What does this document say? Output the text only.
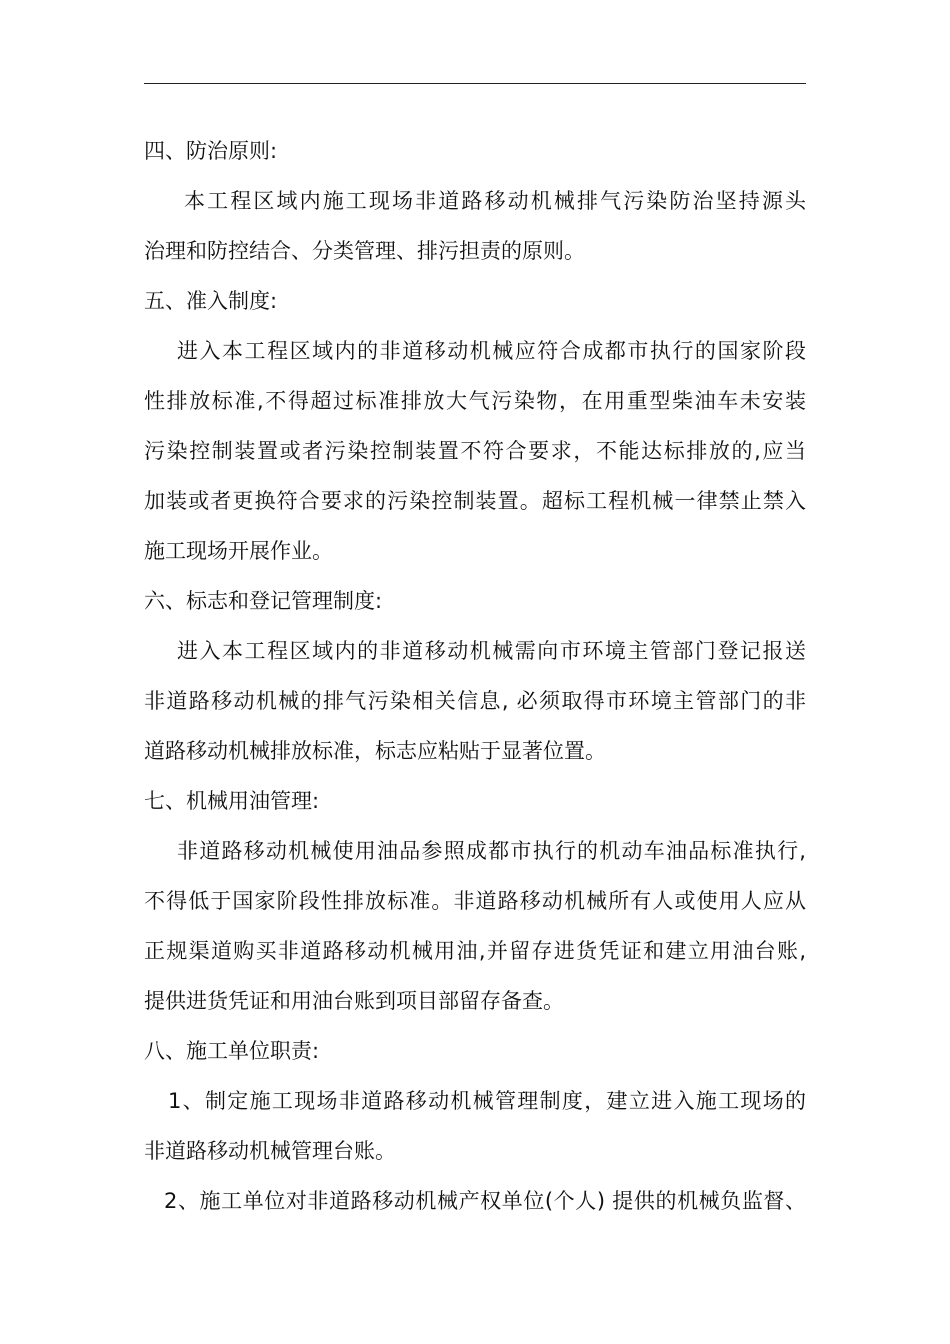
四、防治原则:
本工程区域内施工现场非道路移动机械排气污染防治坚持源头
治理和防控结合、分类管理、排污担责的原则。
五、准入制度:
进入本工程区域内的非道移动机械应符合成都市执行的国家阶段
性排放标准,不得超过标准排放大气污染物，在用重型柴油车未安装
污染控制装置或者污染控制装置不符合要求，不能达标排放的,应当
加装或者更换符合要求的污染控制装置。超标工程机械一律禁止禁入
施工现场开展作业。
六、标志和登记管理制度:
进入本工程区域内的非道移动机械需向市环境主管部门登记报送
非道路移动机械的排气污染相关信息, 必须取得市环境主管部门的非
道路移动机械排放标准，标志应粘贴于显著位置。
七、机械用油管理:
非道路移动机械使用油品参照成都市执行的机动车油品标准执行,
不得低于国家阶段性排放标准。非道路移动机械所有人或使用人应从
正规渠道购买非道路移动机械用油,并留存进货凭证和建立用油台账,
提供进货凭证和用油台账到项目部留存备查。
八、施工单位职责:
1、制定施工现场非道路移动机械管理制度，建立进入施工现场的
非道路移动机械管理台账。
2、施工单位对非道路移动机械产权单位(个人) 提供的机械负监督、
